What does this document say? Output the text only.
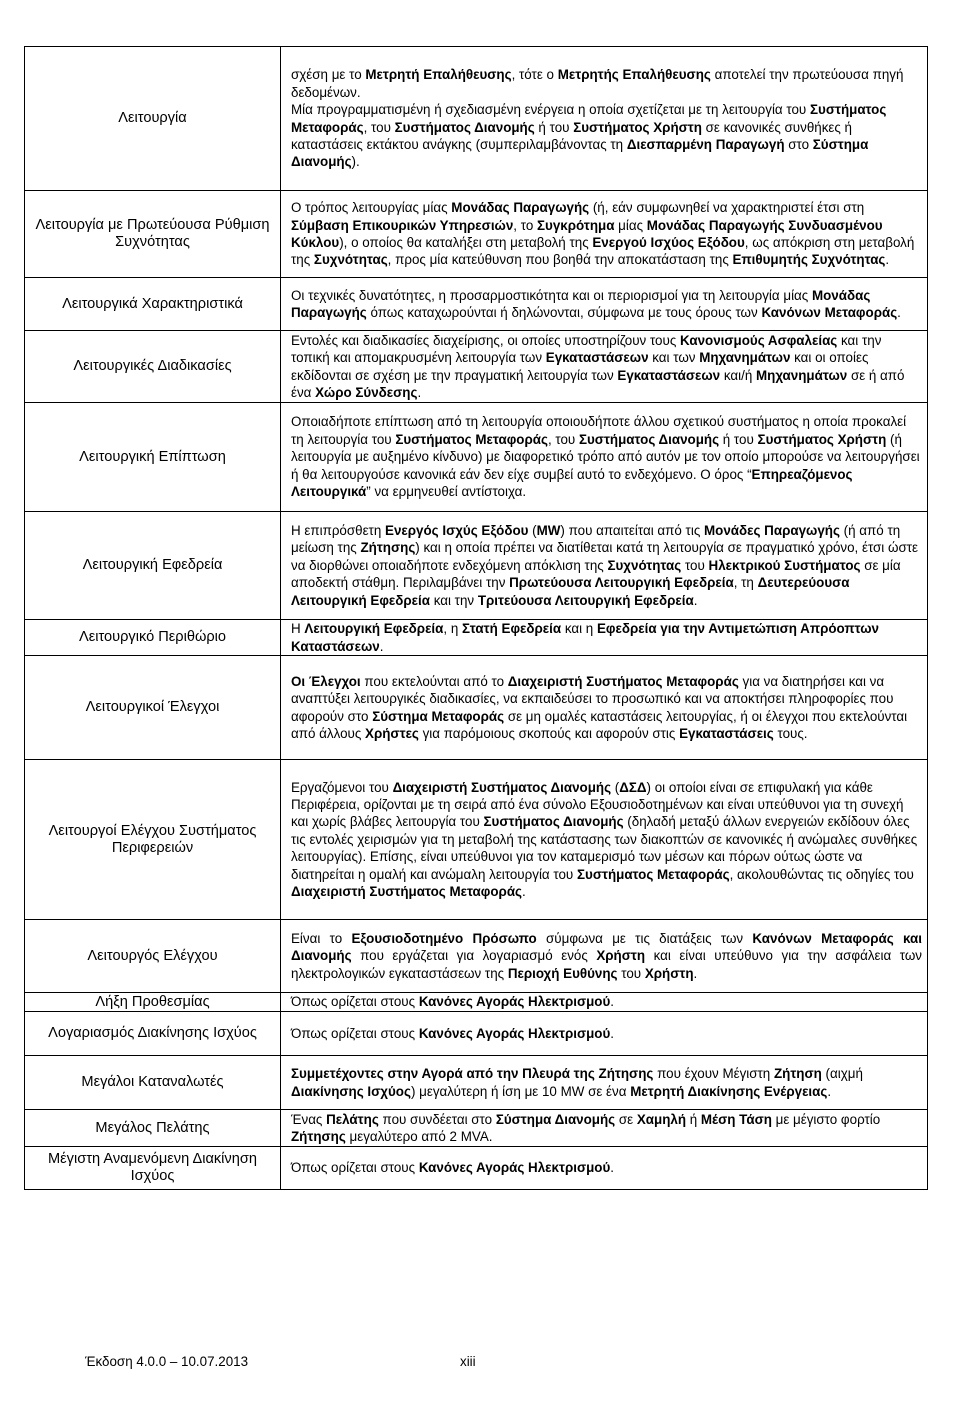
Λειτουργία	σχέση με το Μετρητή Επαλήθευσης, τότε ο Μετρητής Επαλήθευσης αποτελεί την πρωτεύουσα πηγή δεδομένων.

Μία προγραμματισμένη ή σχεδιασμένη ενέργεια η οποία σχετίζεται με τη λειτουργία του Συστήματος Μεταφοράς, του Συστήματος Διανομής ή του Συστήματος Χρήστη σε κανονικές συνθήκες ή καταστάσεις εκτάκτου ανάγκης (συμπεριλαμβάνοντας τη Διεσπαρμένη Παραγωγή στο Σύστημα Διανομής).

Λειτουργία με Πρωτεύουσα Ρύθμιση Συχνότητας	Ο τρόπος λειτουργίας μίας Μονάδας Παραγωγής (ή, εάν συμφωνηθεί να χαρακτηριστεί έτσι στη Σύμβαση Επικουρικών Υπηρεσιών, το Συγκρότημα μίας Μονάδας Παραγωγής Συνδυασμένου Κύκλου), ο οποίος θα καταλήξει στη μεταβολή της Ενεργού Ισχύος Εξόδου, ως απόκριση στη μεταβολή της Συχνότητας, προς μία κατεύθυνση που βοηθά την αποκατάσταση της Επιθυμητής Συχνότητας.

Λειτουργικά Χαρακτηριστικά	Οι τεχνικές δυνατότητες, η προσαρμοστικότητα και οι περιορισμοί για τη λειτουργία μίας Μονάδας Παραγωγής όπως καταχωρούνται ή δηλώνονται, σύμφωνα με τους όρους των Κανόνων Μεταφοράς.

Λειτουργικές Διαδικασίες	Εντολές και διαδικασίες διαχείρισης, οι οποίες υποστηρίζουν τους Κανονισμούς Ασφαλείας και την τοπική και απομακρυσμένη λειτουργία των Εγκαταστάσεων και των Μηχανημάτων και οι οποίες εκδίδονται σε σχέση με την πραγματική λειτουργία των Εγκαταστάσεων και/ή Μηχανημάτων σε ή από ένα Χώρο Σύνδεσης.

Λειτουργική Επίπτωση	Οποιαδήποτε επίπτωση από τη λειτουργία οποιουδήποτε άλλου σχετικού συστήματος η οποία προκαλεί τη λειτουργία του Συστήματος Μεταφοράς, του Συστήματος Διανομής ή του Συστήματος Χρήστη (ή λειτουργία με αυξημένο κίνδυνο) με διαφορετικό τρόπο από αυτόν με τον οποίο μπορούσε να λειτουργήσει ή θα λειτουργούσε κανονικά εάν δεν είχε συμβεί αυτό το ενδεχόμενο. Ο όρος “Επηρεαζόμενος Λειτουργικά” να ερμηνευθεί αντίστοιχα.

Λειτουργική Εφεδρεία	Η επιπρόσθετη Ενεργός Ισχύς Εξόδου (MW) που απαιτείται από τις Μονάδες Παραγωγής (ή από τη μείωση της Ζήτησης) και η οποία πρέπει να διατίθεται κατά τη λειτουργία σε πραγματικό χρόνο, έτσι ώστε να διορθώνει οποιαδήποτε ενδεχόμενη απόκλιση της Συχνότητας του Ηλεκτρικού Συστήματος σε μία αποδεκτή στάθμη. Περιλαμβάνει την Πρωτεύουσα Λειτουργική Εφεδρεία, τη Δευτερεύουσα Λειτουργική Εφεδρεία και την Τριτεύουσα Λειτουργική Εφεδρεία.

Λειτουργικό Περιθώριο	Η Λειτουργική Εφεδρεία, η Στατή Εφεδρεία και η Εφεδρεία για την Αντιμετώπιση Απρόοπτων Καταστάσεων.

Λειτουργικοί Έλεγχοι	Οι Έλεγχοι που εκτελούνται από το Διαχειριστή Συστήματος Μεταφοράς για να διατηρήσει και να αναπτύξει λειτουργικές διαδικασίες, να εκπαιδεύσει το προσωπικό και να αποκτήσει πληροφορίες που αφορούν στο Σύστημα Μεταφοράς σε μη ομαλές καταστάσεις λειτουργίας, ή οι έλεγχοι που εκτελούνται από άλλους Χρήστες για παρόμοιους σκοπούς και αφορούν στις Εγκαταστάσεις τους.

Λειτουργοί Ελέγχου Συστήματος Περιφερειών	Εργαζόμενοι του Διαχειριστή Συστήματος Διανομής (ΔΣΔ) οι οποίοι είναι σε επιφυλακή για κάθε Περιφέρεια, ορίζονται με τη σειρά από ένα σύνολο Εξουσιοδοτημένων και είναι υπεύθυνοι για τη συνεχή και χωρίς βλάβες λειτουργία του Συστήματος Διανομής (δηλαδή μεταξύ άλλων ενεργειών εκδίδουν όλες τις εντολές χειρισμών για τη μεταβολή της κατάστασης των διακοπτών σε κανονικές ή ανώμαλες συνθήκες λειτουργίας). Επίσης, είναι υπεύθυνοι για τον καταμερισμό των μέσων και πόρων ούτως ώστε να διατηρείται η ομαλή και ανώμαλη λειτουργία του Συστήματος Μεταφοράς, ακολουθώντας τις οδηγίες του Διαχειριστή Συστήματος Μεταφοράς.

Λειτουργός Ελέγχου	Είναι το Εξουσιοδοτημένο Πρόσωπο σύμφωνα με τις διατάξεις των Κανόνων Μεταφοράς και Διανομής που εργάζεται για λογαριασμό ενός Χρήστη και είναι υπεύθυνο για την ασφάλεια των ηλεκτρολογικών εγκαταστάσεων της Περιοχή Ευθύνης του Χρήστη.

Λήξη Προθεσμίας	Όπως ορίζεται στους Κανόνες Αγοράς Ηλεκτρισμού.

Λογαριασμός Διακίνησης Ισχύος	Όπως ορίζεται στους Κανόνες Αγοράς Ηλεκτρισμού.

Μεγάλοι Καταναλωτές	Συμμετέχοντες στην Αγορά από την Πλευρά της Ζήτησης που έχουν Μέγιστη Ζήτηση (αιχμή Διακίνησης Ισχύος) μεγαλύτερη ή ίση με 10 MW σε ένα Μετρητή Διακίνησης Ενέργειας.

Μεγάλος Πελάτης	Ένας Πελάτης που συνδέεται στο Σύστημα Διανομής σε Χαμηλή ή Μέση Τάση με μέγιστο φορτίο Ζήτησης μεγαλύτερο από 2 MVA.

Μέγιστη Αναμενόμενη Διακίνηση Ισχύος	Όπως ορίζεται στους Κανόνες Αγοράς Ηλεκτρισμού.

Έκδοση 4.0.0 – 10.07.2013	xiii
